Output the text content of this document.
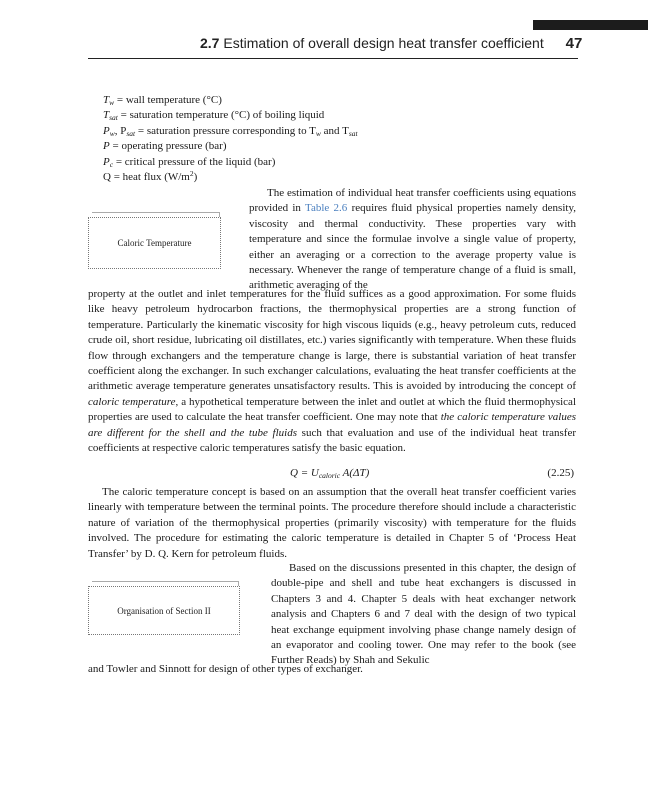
2.7 Estimation of overall design heat transfer coefficient 47
$T_w$ = wall temperature (°C)
$T_{sat}$ = saturation temperature (°C) of boiling liquid
$P_w$, $P_{sat}$ = saturation pressure corresponding to $T_w$ and $T_{sat}$
P = operating pressure (bar)
$P_c$ = critical pressure of the liquid (bar)
Q = heat flux $(W/m^2)$
Caloric Temperature

The estimation of individual heat transfer coefficients using equations provided in Table 2.6 requires fluid physical properties namely density, viscosity and thermal conductivity. These properties vary with temperature and since the formulae involve a single value of property, either an averaging or a correction to the average property value is necessary. Whenever the range of temperature change of a fluid is small, arithmetic averaging of the

property at the outlet and inlet temperatures for the fluid suffices as a good approximation. For some fluids like heavy petroleum hydrocarbon fractions, the thermophysical properties are a strong function of temperature. Particularly the kinematic viscosity for high viscous liquids (e.g., heavy petroleum cuts, reduced crude oil, short residue, lubricating oil distillates, etc.) varies significantly with temperature. When these fluids flow through exchangers and the temperature change is large, there is substantial variation of heat transfer coefficient along the exchanger. In such exchanger calculations, evaluating the heat transfer coefficients at the arithmetic average temperature generates unsatisfactory results. This is avoided by introducing the concept of caloric temperature, a hypothetical temperature between the inlet and outlet at which the fluid thermophysical properties are used to calculate the heat transfer coefficient. One may note that the caloric temperature values are different for the shell and the tube fluids such that evaluation and use of the individual heat transfer coefficients at respective caloric temperatures satisfy the basic equation.

$Q = U_{caloric}$ A(ΔT)	(2.25)

The caloric temperature concept is based on an assumption that the overall heat transfer coefficient varies linearly with temperature between the terminal points. The procedure therefore should include a characteristic nature of variation of the thermophysical properties (primarily viscosity) with temperature for the fluids involved. The procedure for estimating the caloric temperature is detailed in Chapter 5 of ‘Process Heat Transfer’ by D. Q. Kern for petroleum fluids.

Organisation of Section II

Based on the discussions presented in this chapter, the design of double-pipe and shell and tube heat exchangers is discussed in Chapters 3 and 4. Chapter 5 deals with heat exchanger network analysis and Chapters 6 and 7 deal with the design of two typical heat exchange equipment involving phase change namely design of an evaporator and cooling tower. One may refer to the book (see Further Reads) by Shah and Sekulic

and Towler and Sinnott for design of other types of exchanger.
